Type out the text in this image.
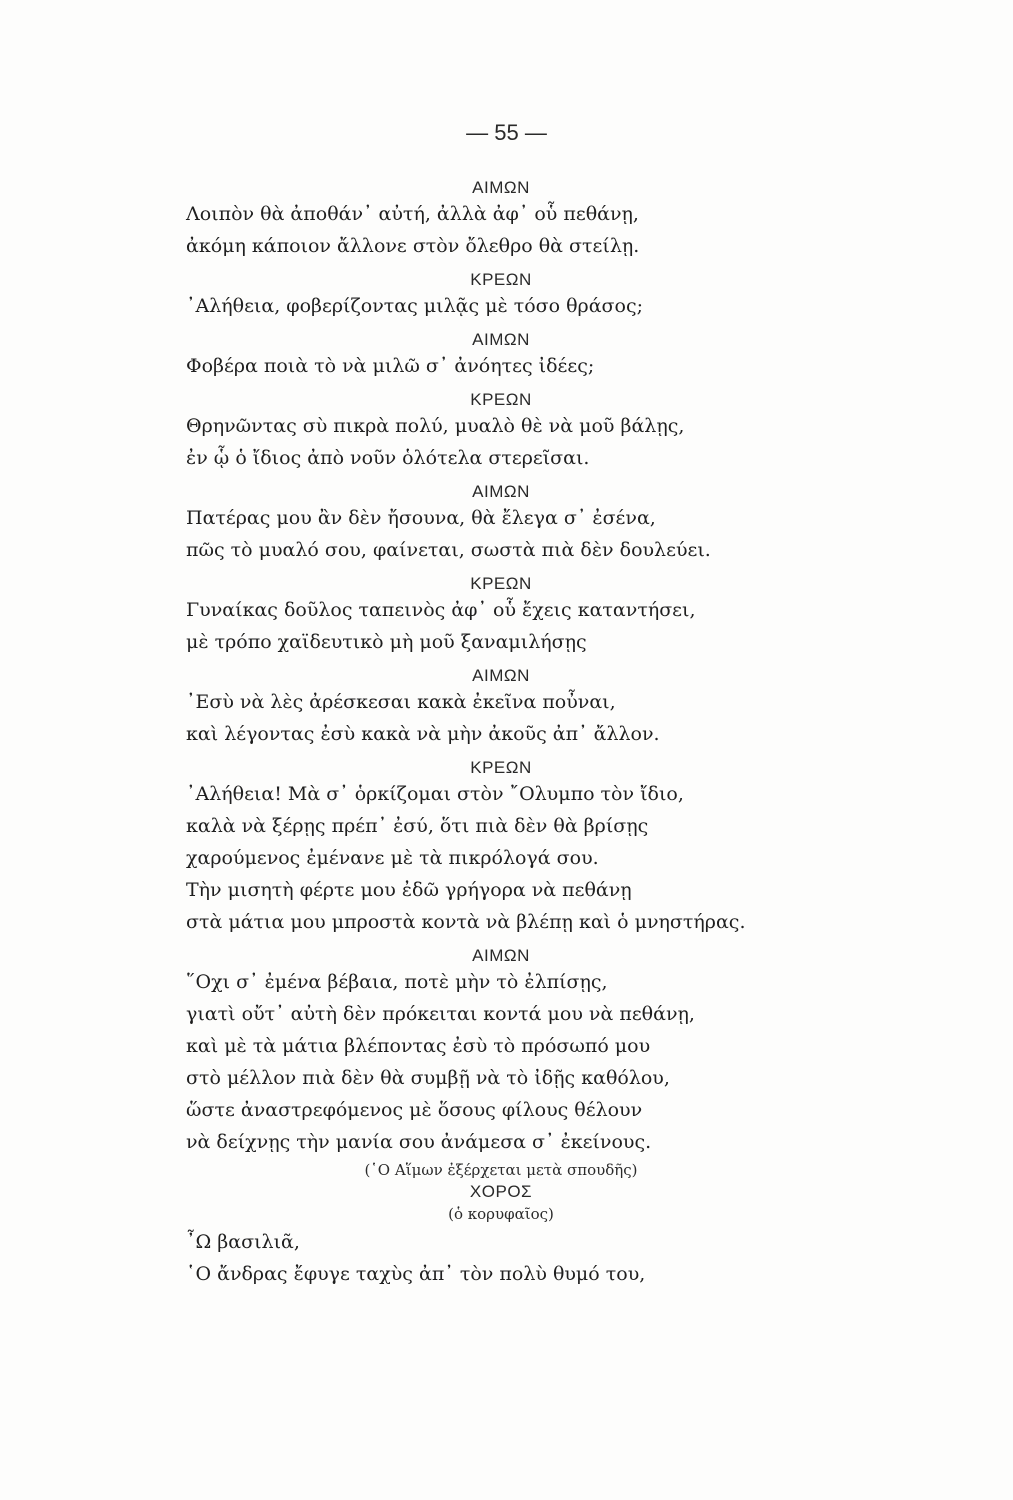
— 55 —
ΑΙΜΩΝ
Λοιπὸν θὰ ἀποθάν᾿ αὐτή, ἀλλὰ ἀφ᾿ οὗ πεθάνῃ,
ἀκόμη κάποιον ἄλλονε στὸν ὄλεθρο θὰ στείλῃ.
ΚΡΕΩΝ
᾿Αλήθεια, φοβερίζοντας μιλᾷς μὲ τόσο θράσος;
ΑΙΜΩΝ
Φοβέρα ποιὰ τὸ νὰ μιλῶ σ᾿ ἀνόητες ἰδέες;
ΚΡΕΩΝ
Θρηνῶντας σὺ πικρὰ πολύ, μυαλὸ θὲ νὰ μοῦ βάλῃς,
ἐν ᾧ ὁ ἴδιος ἀπὸ νοῦν ὁλότελα στερεῖσαι.
ΑΙΜΩΝ
Πατέρας μου ἂν δὲν ἤσουνα, θὰ ἔλεγα σ᾿ ἐσένα,
πῶς τὸ μυαλό σου, φαίνεται, σωστὰ πιὰ δὲν δουλεύει.
ΚΡΕΩΝ
Γυναίκας δοῦλος ταπεινὸς ἀφ᾿ οὗ ἔχεις καταντήσει,
μὲ τρόπο χαϊδευτικὸ μὴ μοῦ ξαναμιλήσῃς
ΑΙΜΩΝ
᾿Εσὺ νὰ λὲς ἀρέσκεσαι κακὰ ἐκεῖνα ποὖναι,
καὶ λέγοντας ἐσὺ κακὰ νὰ μὴν ἀκοῦς ἀπ᾿ ἄλλον.
ΚΡΕΩΝ
᾿Αλήθεια! Μὰ σ᾿ ὁρκίζομαι στὸν ῎Ολυμπο τὸν ἴδιο,
καλὰ νὰ ξέρῃς πρέπ᾿ ἐσύ, ὅτι πιὰ δὲν θὰ βρίσῃς
χαρούμενος ἐμένανε μὲ τὰ πικρόλογά σου.
Τὴν μισητὴ φέρτε μου ἐδῶ γρήγορα νὰ πεθάνῃ
στὰ μάτια μου μπροστὰ κοντὰ νὰ βλέπῃ καὶ ὁ μνηστήρας.
ΑΙΜΩΝ
῞Οχι σ᾿ ἐμένα βέβαια, ποτὲ μὴν τὸ ἐλπίσῃς,
γιατὶ οὔτ᾿ αὐτὴ δὲν πρόκειται κοντά μου νὰ πεθάνῃ,
καὶ μὲ τὰ μάτια βλέποντας ἐσὺ τὸ πρόσωπό μου
στὸ μέλλον πιὰ δὲν θὰ συμβῇ νὰ τὸ ἰδῇς καθόλου,
ὥστε ἀναστρεφόμενος μὲ ὅσους φίλους θέλουν
νὰ δείχνῃς τὴν μανία σου ἀνάμεσα σ᾿ ἐκείνους.
(῾Ο Αἵμων ἐξέρχεται μετὰ σπουδῆς)
ΧΟΡΟΣ
(ὁ κορυφαῖος)
῏Ω βασιλιᾶ,
῾Ο ἄνδρας ἔφυγε ταχὺς ἀπ᾿ τὸν πολὺ θυμό του,
